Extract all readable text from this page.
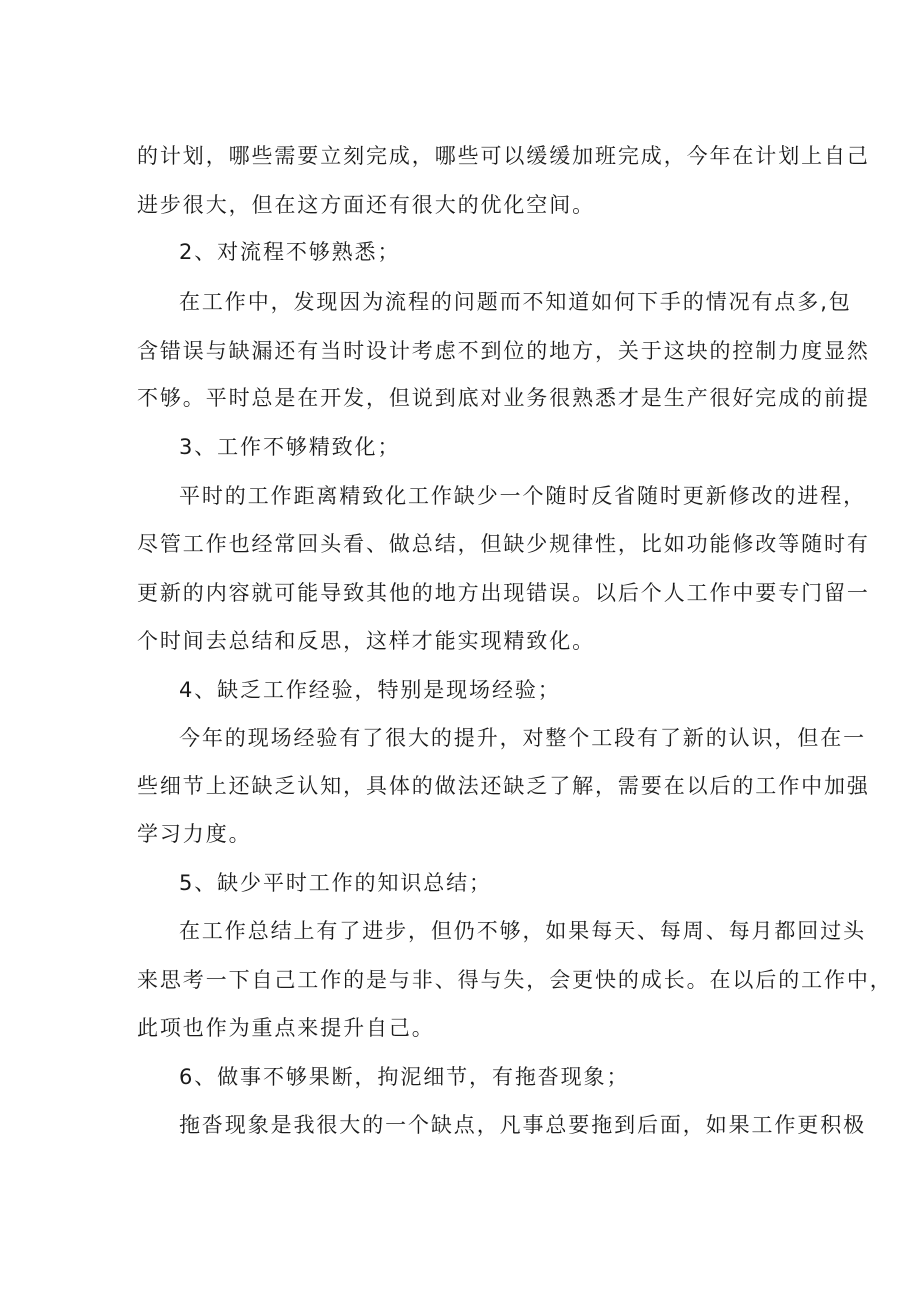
的计划，哪些需要立刻完成，哪些可以缓缓加班完成，今年在计划上自己

进步很大，但在这方面还有很大的优化空间。

2、对流程不够熟悉；

在工作中，发现因为流程的问题而不知道如何下手的情况有点多,包

含错误与缺漏还有当时设计考虑不到位的地方，关于这块的控制力度显然

不够。平时总是在开发，但说到底对业务很熟悉才是生产很好完成的前提

3、工作不够精致化；

平时的工作距离精致化工作缺少一个随时反省随时更新修改的进程，

尽管工作也经常回头看、做总结，但缺少规律性，比如功能修改等随时有

更新的内容就可能导致其他的地方出现错误。以后个人工作中要专门留一

个时间去总结和反思，这样才能实现精致化。

4、缺乏工作经验，特别是现场经验；

今年的现场经验有了很大的提升，对整个工段有了新的认识，但在一

些细节上还缺乏认知，具体的做法还缺乏了解，需要在以后的工作中加强

学习力度。

5、缺少平时工作的知识总结；

在工作总结上有了进步，但仍不够，如果每天、每周、每月都回过头

来思考一下自己工作的是与非、得与失，会更快的成长。在以后的工作中，

此项也作为重点来提升自己。

6、做事不够果断，拘泥细节，有拖沓现象；

拖沓现象是我很大的一个缺点，凡事总要拖到后面，如果工作更积极
